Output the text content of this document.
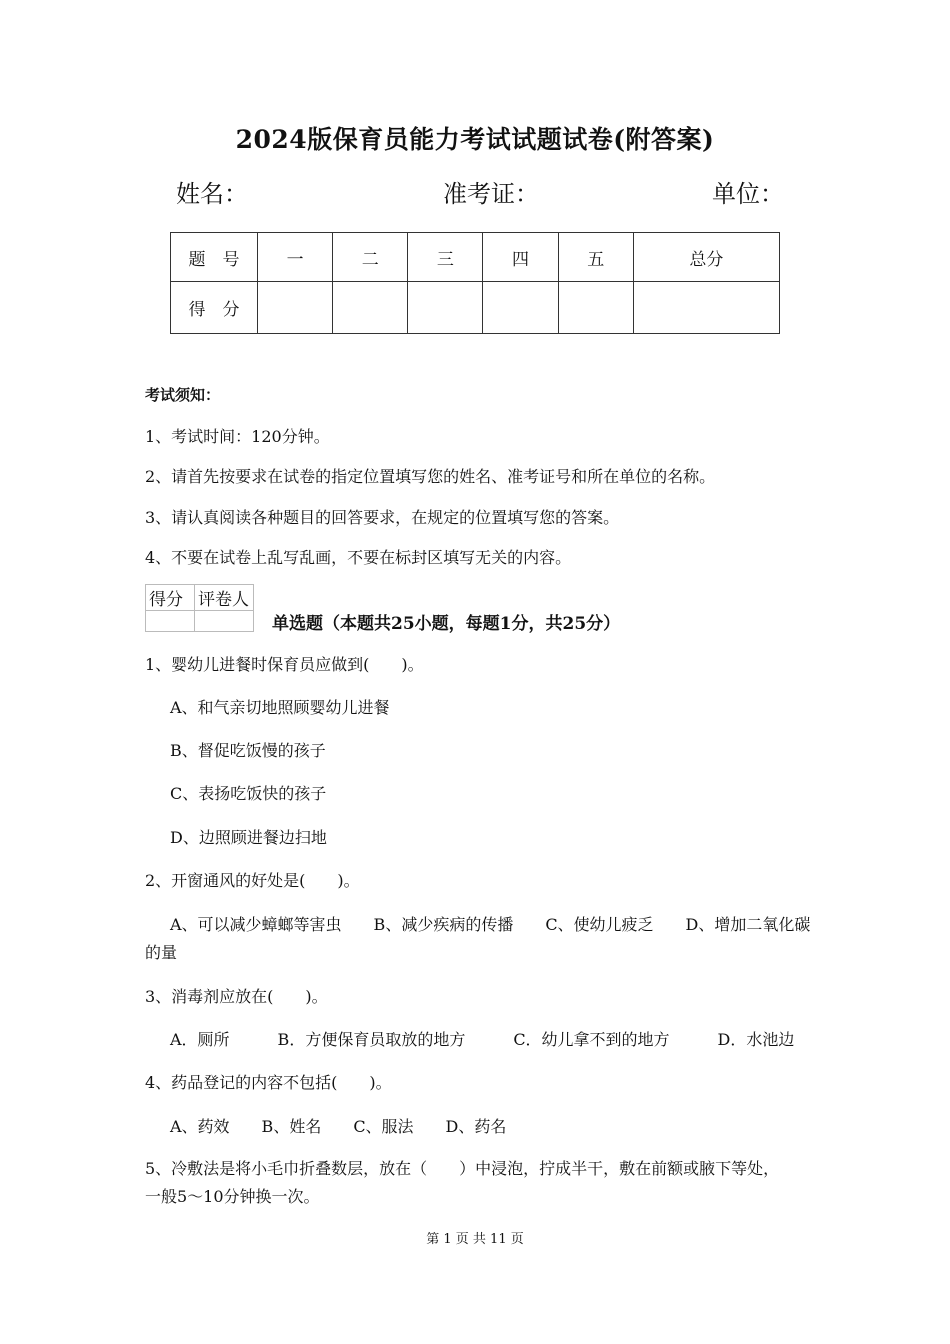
2024版保育员能力考试试题试卷(附答案)
姓名：	准考证：	单位：
题　号	一	二	三	四	五	总分
得　分						
考试须知：
1、考试时间：120分钟。
2、请首先按要求在试卷的指定位置填写您的姓名、准考证号和所在单位的名称。
3、请认真阅读各种题目的回答要求，在规定的位置填写您的答案。
4、不要在试卷上乱写乱画，不要在标封区填写无关的内容。
得分	评卷人

单选题（本题共25小题，每题1分，共25分）
1、婴幼儿进餐时保育员应做到(　　)。
A、和气亲切地照顾婴幼儿进餐
B、督促吃饭慢的孩子
C、表扬吃饭快的孩子
D、边照顾进餐边扫地
2、开窗通风的好处是(　　)。
A、可以减少蟑螂等害虫　　B、减少疾病的传播　　C、使幼儿疲乏　　D、增加二氧化碳
的量
3、消毒剂应放在(　　)。
A．厕所　　　B．方便保育员取放的地方　　　C．幼儿拿不到的地方　　　D．水池边
4、药品登记的内容不包括(　　)。
A、药效　　B、姓名　　C、服法　　D、药名
5、冷敷法是将小毛巾折叠数层，放在（　　）中浸泡，拧成半干，敷在前额或腋下等处，
一般5～10分钟换一次。
第 1 页 共 11 页
